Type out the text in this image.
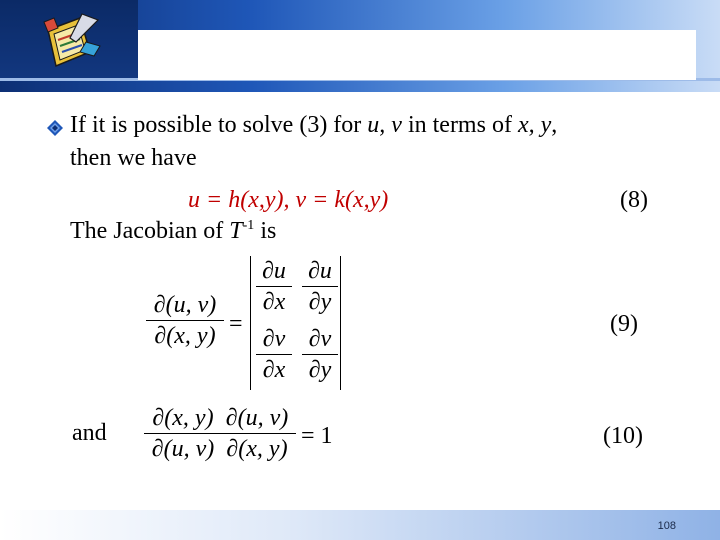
If it is possible to solve (3) for u, v in terms of x, y,
then we have
u = h(x,y), v = k(x,y)	(8)
The Jacobian of $T^{-1}$ is
∂(u, v)
∂(x, y) =
∂u
∂x
∂u
∂y
∂v
∂x
∂v
∂y
(9)
and
∂(x, y)
∂(u, v)
∂(u, v)
∂(x, y) = 1	(10)
108
